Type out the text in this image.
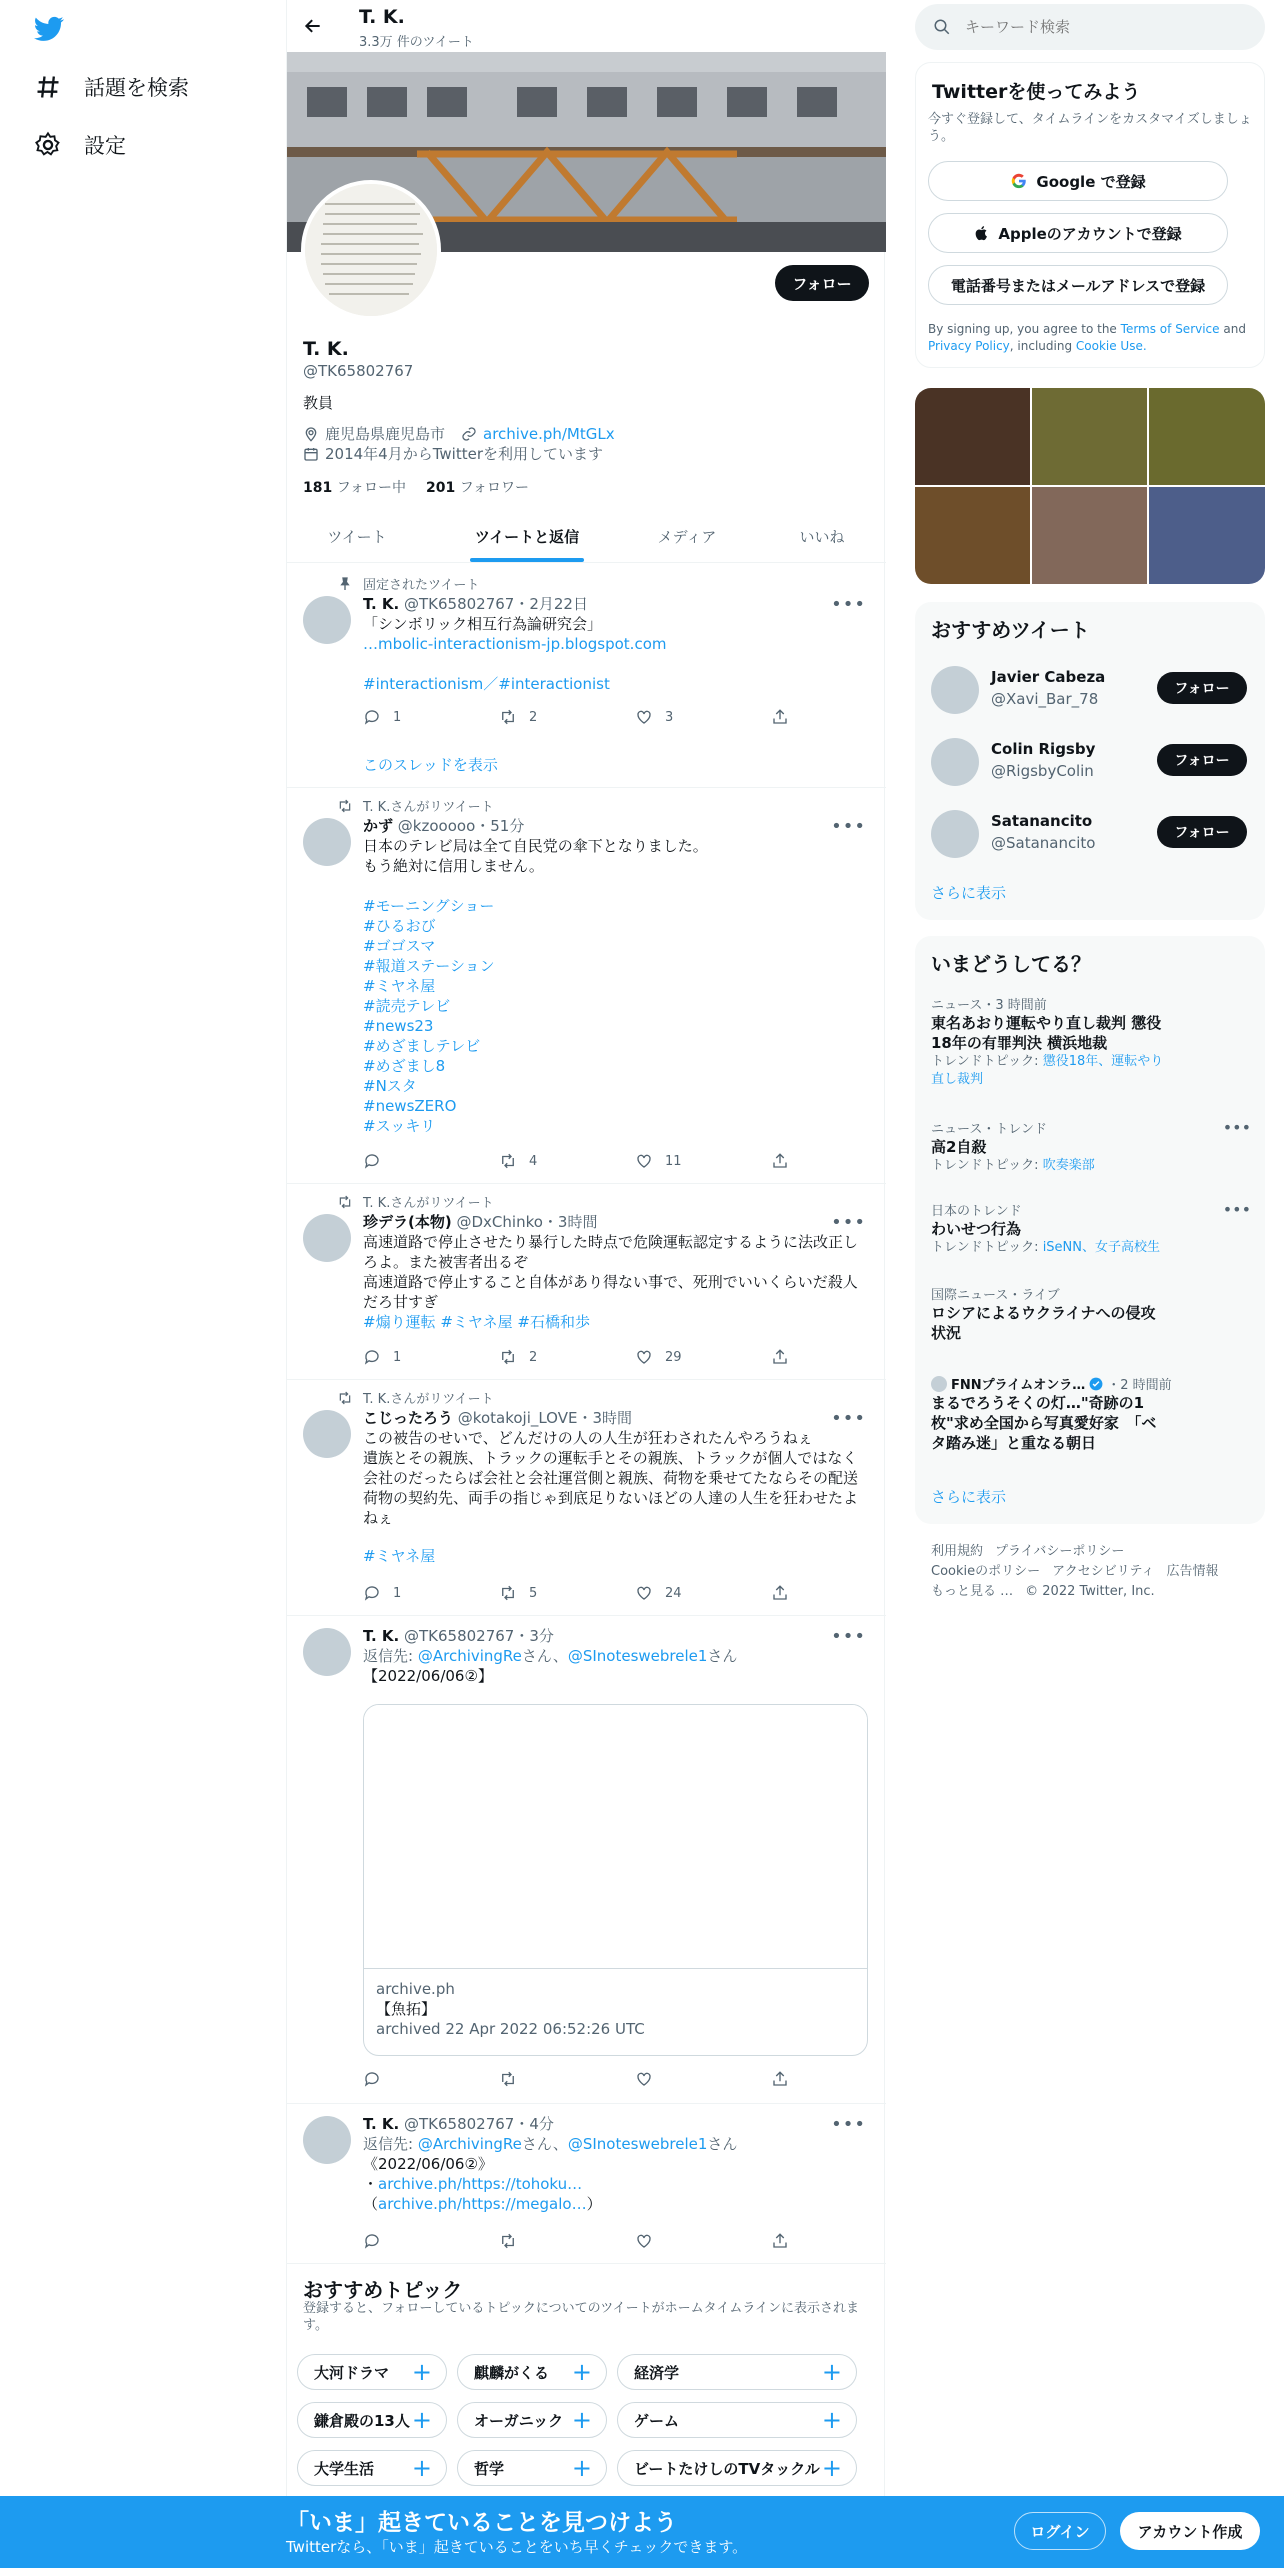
話題を検索
設定
T. K.
3.3万 件のツイート
フォロー
T. K.
@TK65802767
教員
鹿児島県鹿児島市	archive.ph/MtGLx
2014年4月からTwitterを利用しています
181 フォロー中 201 フォロワー
ツイート	ツイートと返信	メディア	いいね
固定されたツイート
T. K. @TK65802767・2月22日
「シンボリック相互行為論研究会」
…mbolic-interactionism-jp.blogspot.com
#interactionism／#interactionist
•••
1	2	3
このスレッドを表示
T. K.さんがリツイート
かず @kzooooo・51分
日本のテレビ局は全て自民党の傘下となりました。
もう絶対に信用しません。
#モーニングショー
#ひるおび
#ゴゴスマ
#報道ステーション
#ミヤネ屋
#読売テレビ
#news23
#めざましテレビ
#めざまし8
#Nスタ
#newsZERO
#スッキリ
•••
4	11
T. K.さんがリツイート
珍デラ(本物) @DxChinko・3時間
高速道路で停止させたり暴行した時点で危険運転認定するように法改正し
ろよ。また被害者出るぞ
高速道路で停止すること自体があり得ない事で、死刑でいいくらいだ殺人
だろ甘すぎ
#煽り運転 #ミヤネ屋 #石橋和歩
•••
1	2	29
T. K.さんがリツイート
こじったろう @kotakoji_LOVE・3時間
この被告のせいで、どんだけの人の人生が狂わされたんやろうねぇ
遺族とその親族、トラックの運転手とその親族、トラックが個人ではなく
会社のだったらば会社と会社運営側と親族、荷物を乗せてたならその配送
荷物の契約先、両手の指じゃ到底足りないほどの人達の人生を狂わせたよ
ねぇ
#ミヤネ屋
•••
1	5	24
T. K. @TK65802767・3分
返信先: @ArchivingReさん、@SInoteswebrele1さん
【2022/06/06②】
•••
archive.ph
【魚拓】
archived 22 Apr 2022 06:52:26 UTC
T. K. @TK65802767・4分
返信先: @ArchivingReさん、@SInoteswebrele1さん
《2022/06/06②》
・archive.ph/https://tohoku…
（archive.ph/https://megalo…）
•••
おすすめトピック
登録すると、フォローしているトピックについてのツイートがホームタイムラインに表示されます。
大河ドラマ +	麒麟がくる +	経済学	+
鎌倉殿の13人 +	オーガニック +	ゲーム	+
大学生活 +	哲学	+	ビートたけしのTVタックル +
キーワード検索
Twitterを使ってみよう
今すぐ登録して、タイムラインをカスタマイズしましょう。
Google で登録
Appleのアカウントで登録
電話番号またはメールアドレスで登録
By signing up, you agree to the Terms of Service and Privacy Policy, including Cookie Use.
おすすめツイート
Javier Cabeza
@Xavi_Bar_78
フォロー
Colin Rigsby
@RigsbyColin
フォロー
Satanancito
@Satanancito
フォロー
さらに表示
いまどうしてる？
ニュース・3 時間前
東名あおり運転やり直し裁判 懲役
18年の有罪判決 横浜地裁
トレンドトピック: 懲役18年、運転やり
直し裁判
ニュース・トレンド
高2自殺
トレンドトピック: 吹奏楽部
•••
日本のトレンド
わいせつ行為
トレンドトピック: iSeNN、女子高校生
•••
国際ニュース・ライブ
ロシアによるウクライナへの侵攻
状況
FNNプライムオンラ… ・2 時間前
まるでろうそくの灯…"奇跡の1
枚"求め全国から写真愛好家　「ベ
タ踏み迷」と重なる朝日
さらに表示
利用規約 プライバシーポリシー
Cookieのポリシー アクセシビリティ 広告情報
もっと見る … © 2022 Twitter, Inc.
「いま」起きていることを見つけよう
Twitterなら、「いま」起きていることをいち早くチェックできます。
ログイン	アカウント作成
